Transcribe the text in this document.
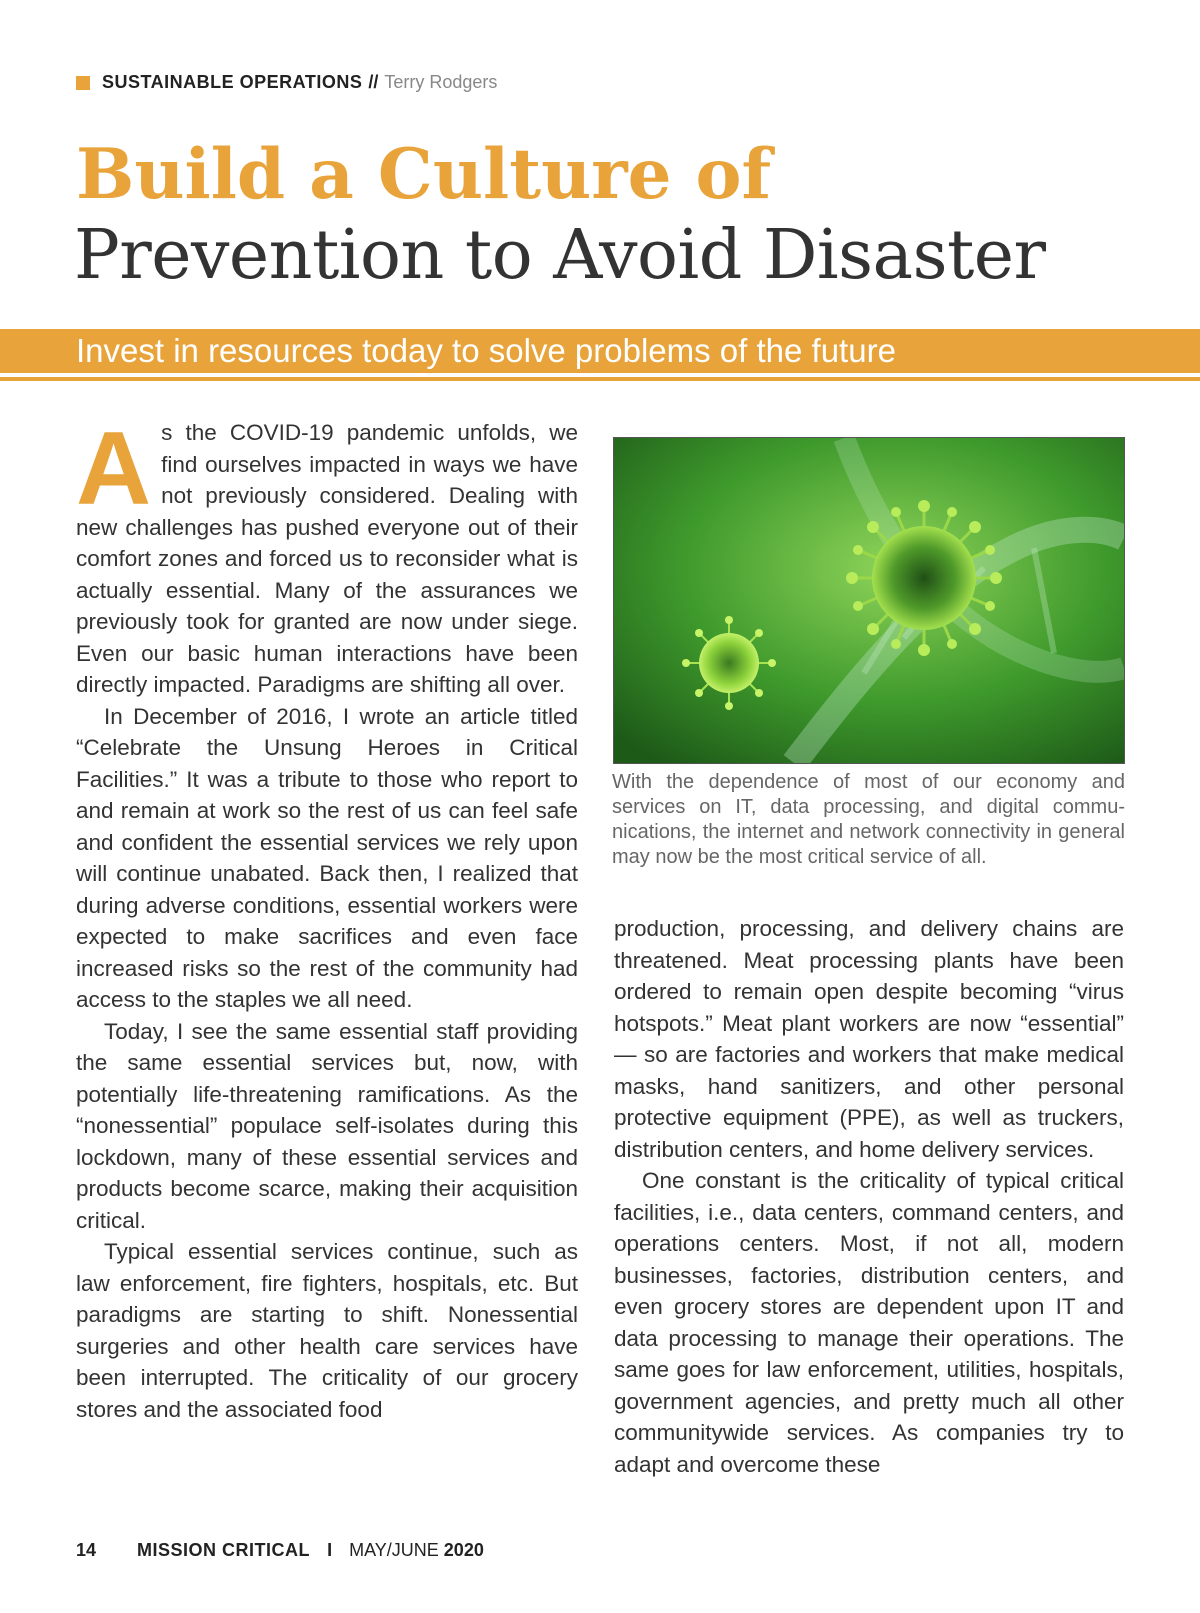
SUSTAINABLE OPERATIONS // Terry Rodgers
Build a Culture of
Prevention to Avoid Disaster
Invest in resources today to solve problems of the future

As the COVID-19 pandemic unfolds, we find ourselves impacted in ways we have not previously considered. Dealing with new challenges has pushed everyone out of their comfort zones and forced us to reconsider what is actually essential. Many of the assurances we previously took for granted are now under siege. Even our basic human interactions have been directly impacted. Paradigms are shifting all over.

In December of 2016, I wrote an article titled “Celebrate the Unsung Heroes in Critical Facilities.” It was a tribute to those who report to and remain at work so the rest of us can feel safe and confident the essential services we rely upon will continue unabated. Back then, I realized that during adverse conditions, essential workers were expected to make sacrifices and even face increased risks so the rest of the community had access to the staples we all need.

Today, I see the same essential staff providing the same essential services but, now, with potentially life-threatening ramifications. As the “nonessential” populace self-isolates during this lockdown, many of these essential services and products become scarce, making their acquisition critical.

Typical essential services continue, such as law enforcement, fire fighters, hospitals, etc. But paradigms are starting to shift. Nonessential surgeries and other health care services have been interrupted. The criticality of our grocery stores and the associated food

With the dependence of most of our economy and services on IT, data processing, and digital communications, the internet and network connectivity in general may now be the most critical service of all.

production, processing, and delivery chains are threatened. Meat processing plants have been ordered to remain open despite becoming “virus hotspots.” Meat plant workers are now “essential” — so are factories and workers that make medical masks, hand sanitizers, and other personal protective equipment (PPE), as well as truckers, distribution centers, and home delivery services.

One constant is the criticality of typical critical facilities, i.e., data centers, command centers, and operations centers. Most, if not all, modern businesses, factories, distribution centers, and even grocery stores are dependent upon IT and data processing to manage their operations. The same goes for law enforcement, utilities, hospitals, government agencies, and pretty much all other communitywide services. As companies try to adapt and overcome these

14 MISSION CRITICAL I MAY/JUNE 2020
